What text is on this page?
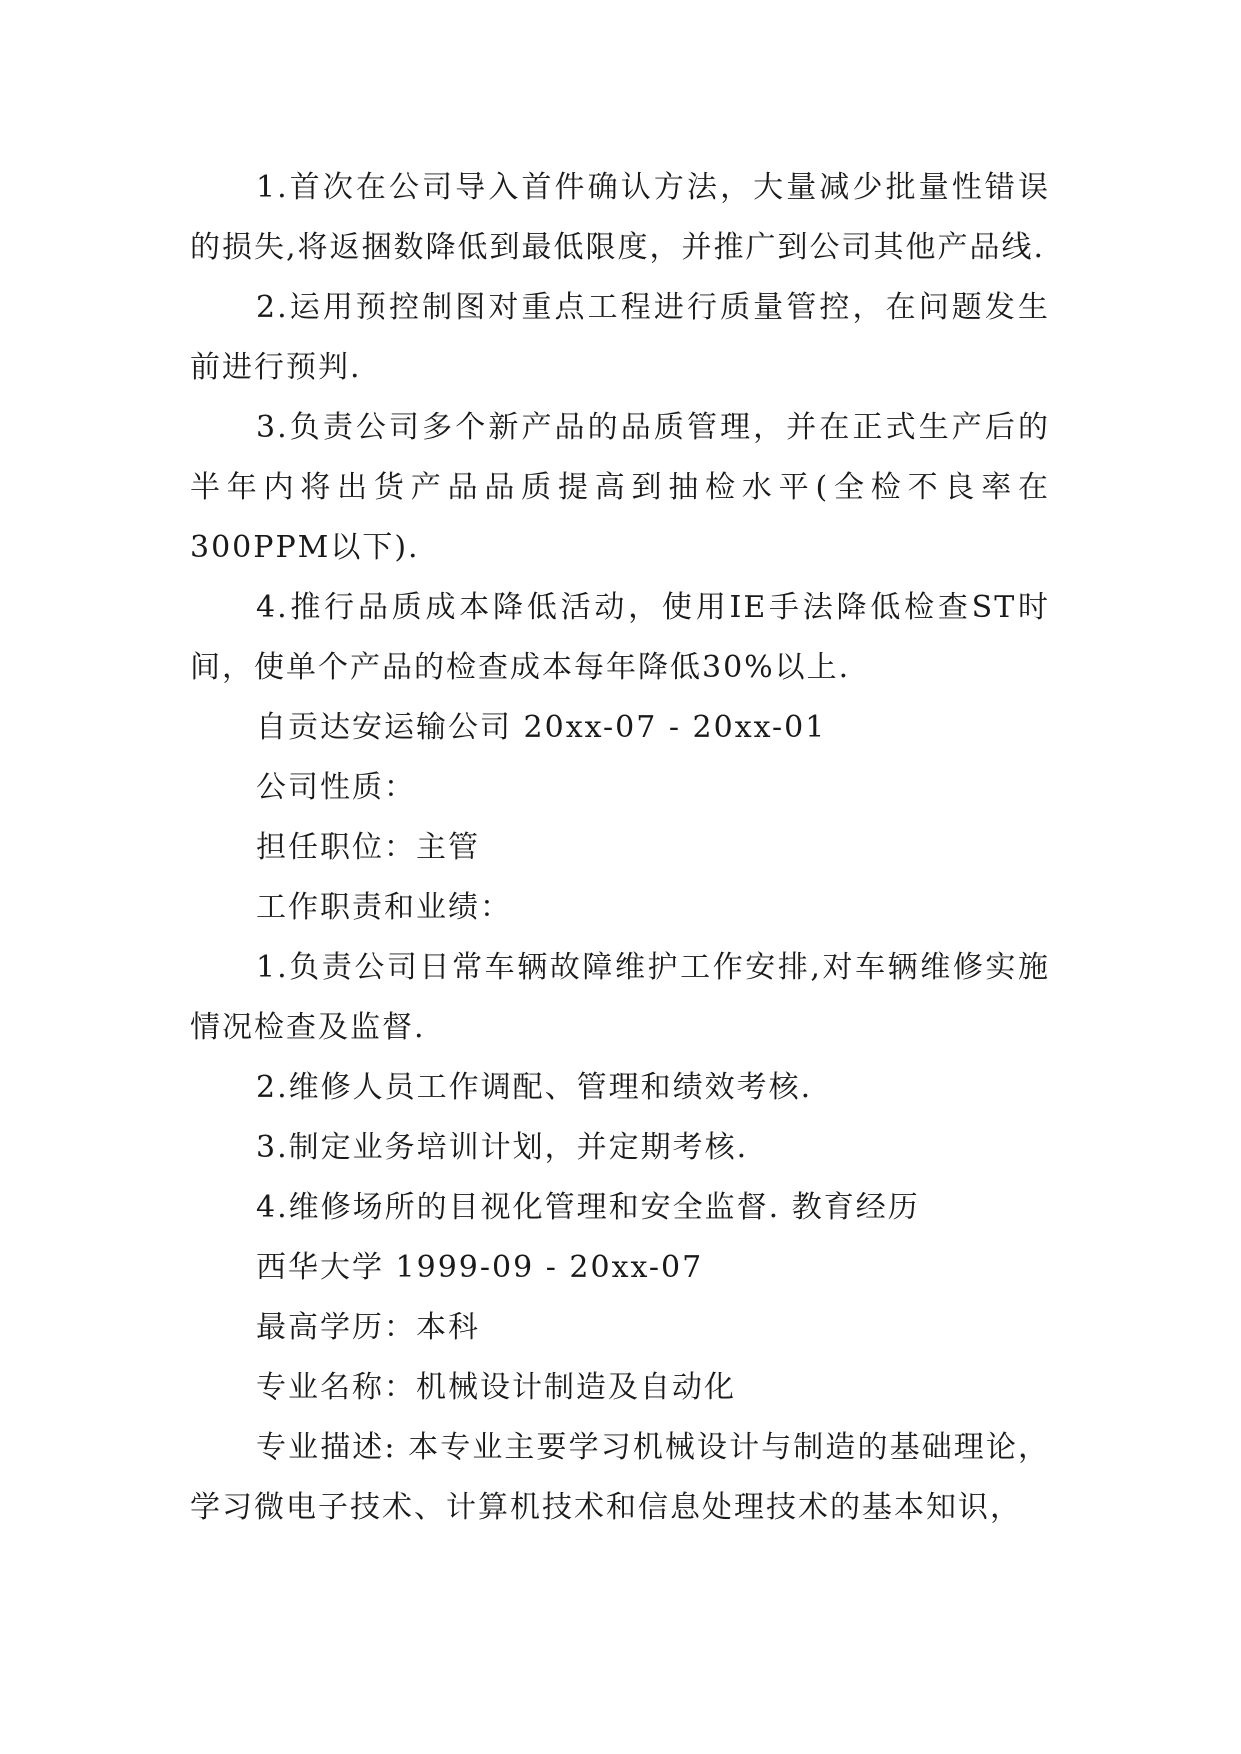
1.首次在公司导入首件确认方法，大量减少批量性错误的损失,将返捆数降低到最低限度，并推广到公司其他产品线.

2.运用预控制图对重点工程进行质量管控，在问题发生前进行预判.

3.负责公司多个新产品的品质管理，并在正式生产后的半年内将出货产品品质提高到抽检水平(全检不良率在300PPM以下).

4.推行品质成本降低活动，使用IE手法降低检查ST时间，使单个产品的检查成本每年降低30%以上.

自贡达安运输公司 20xx-07 - 20xx-01

公司性质：

担任职位：主管

工作职责和业绩：

1.负责公司日常车辆故障维护工作安排,对车辆维修实施情况检查及监督.

2.维修人员工作调配、管理和绩效考核.

3.制定业务培训计划，并定期考核.

4.维修场所的目视化管理和安全监督. 教育经历

西华大学 1999-09 - 20xx-07

最高学历：本科

专业名称：机械设计制造及自动化

专业描述: 本专业主要学习机械设计与制造的基础理论，学习微电子技术、计算机技术和信息处理技术的基本知识，
